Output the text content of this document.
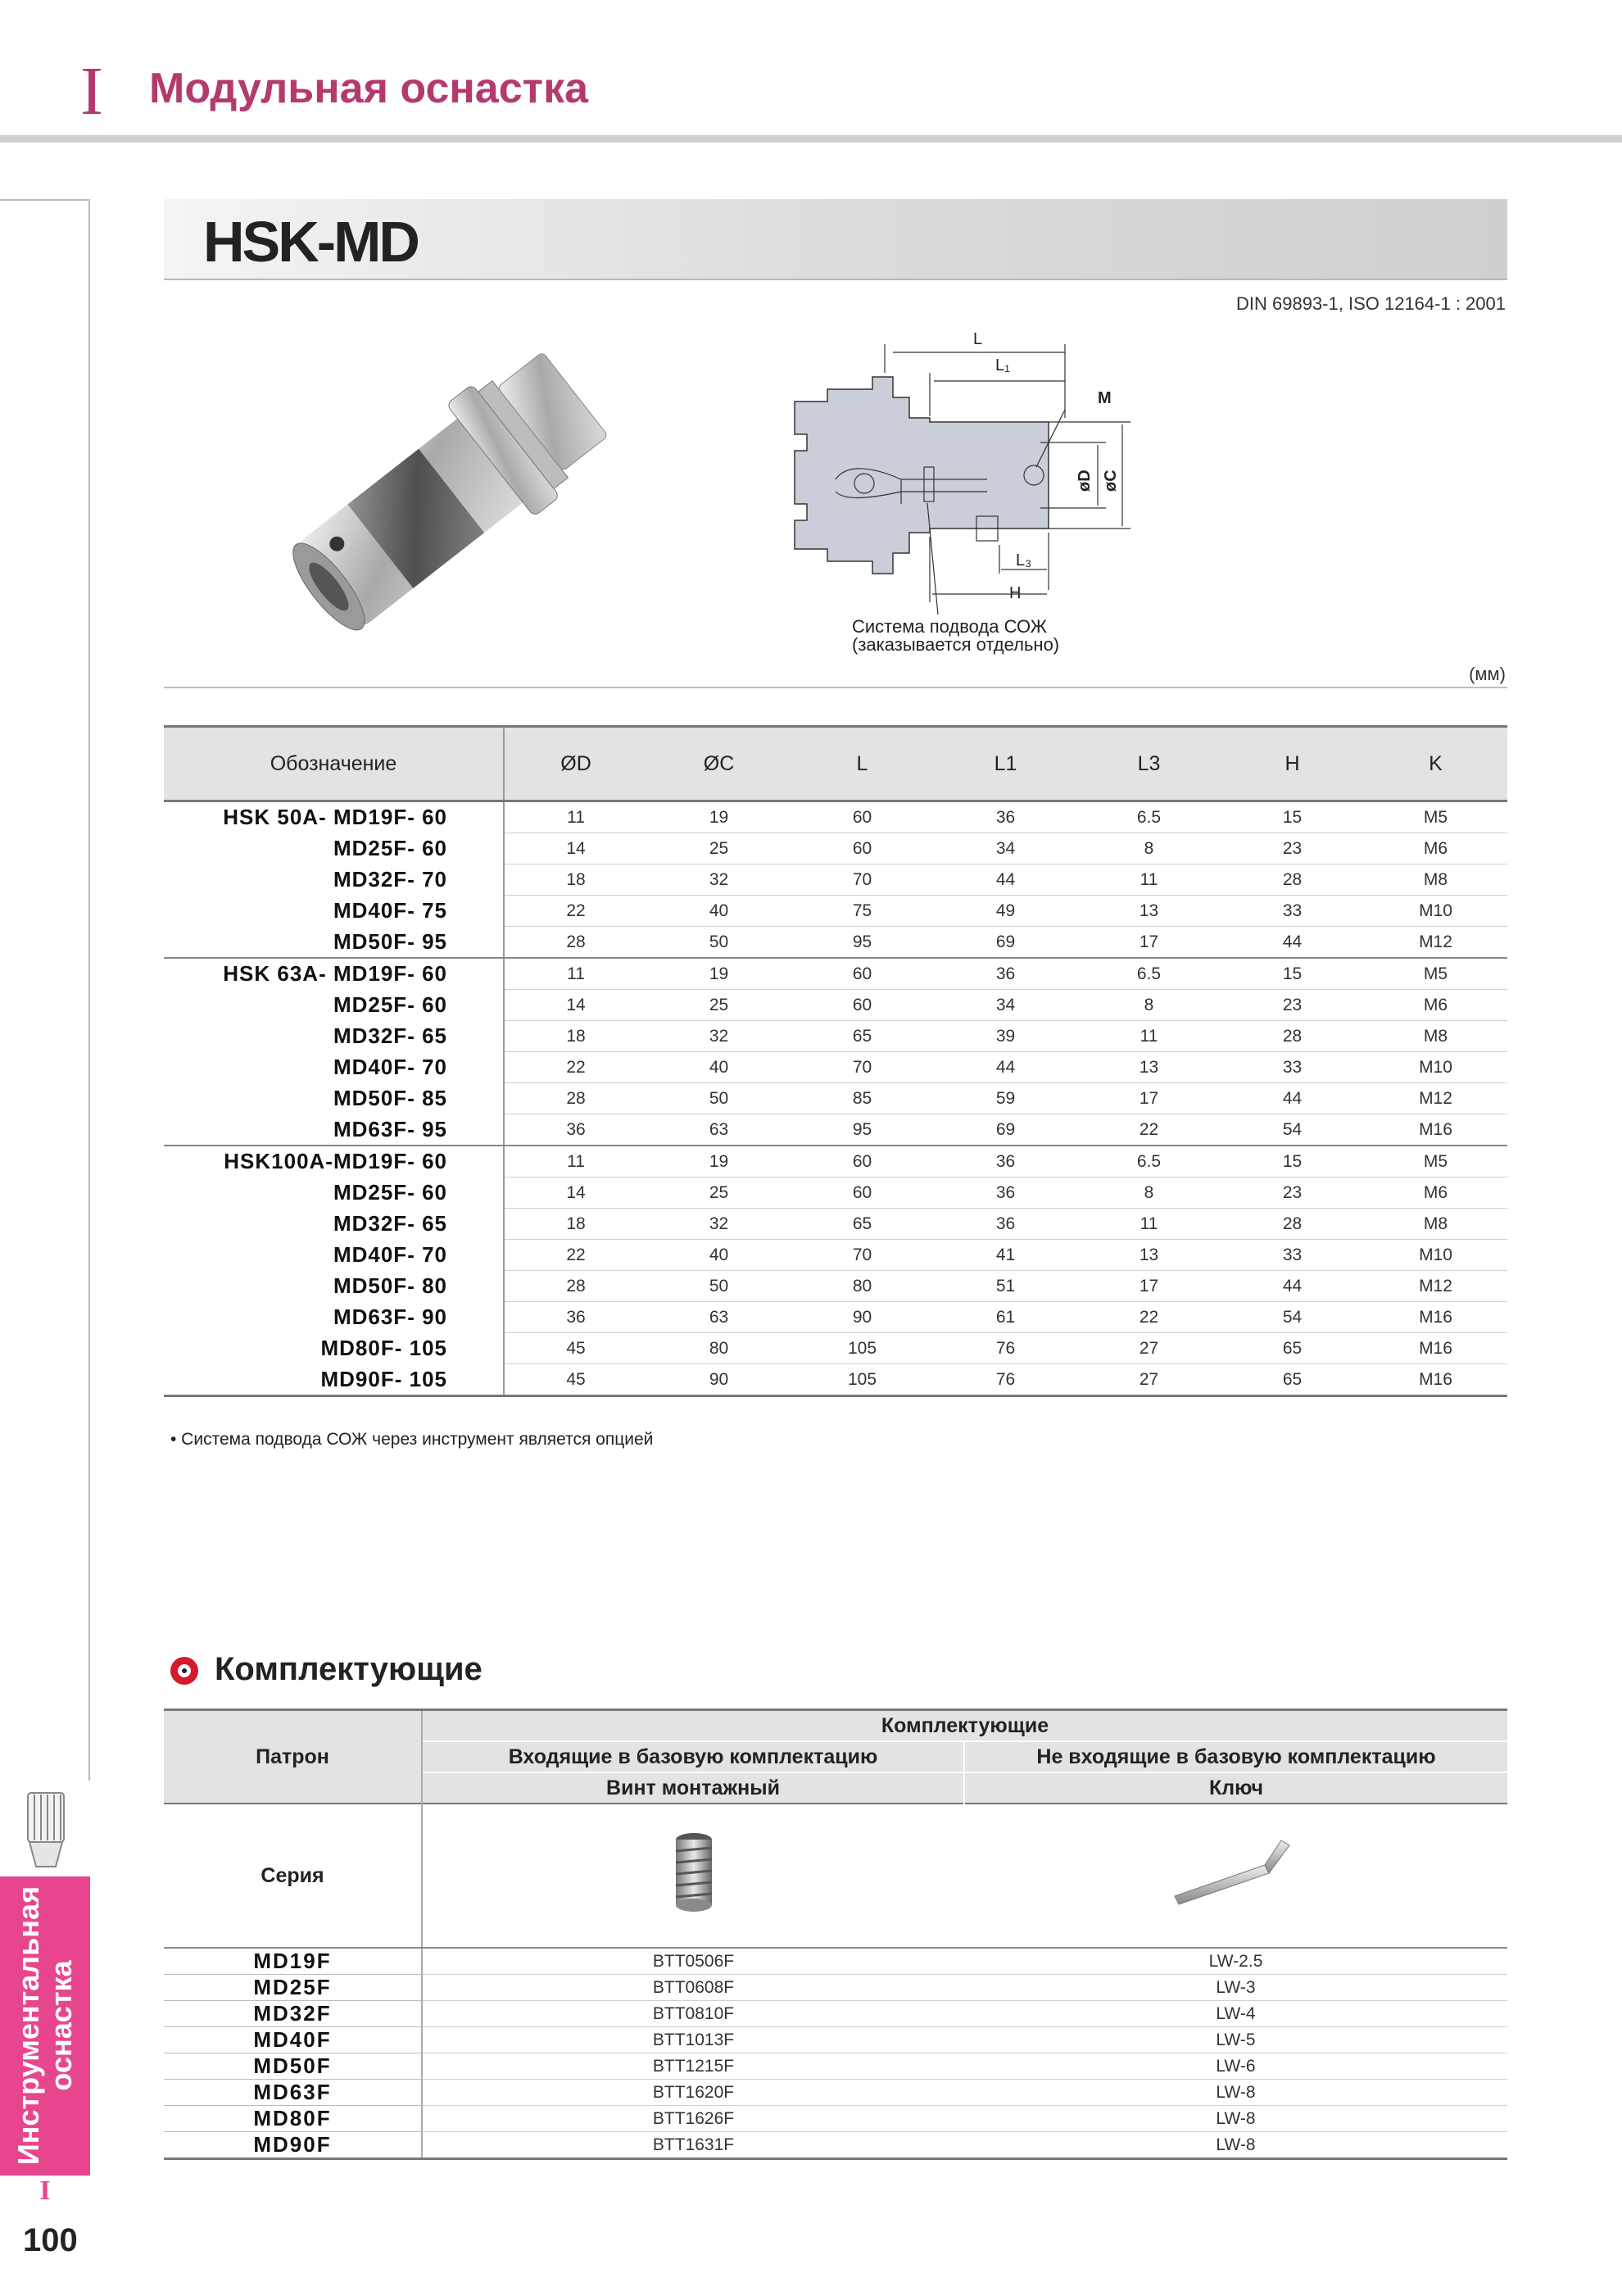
I Модульная оснастка
Инструментальная оснастка
I
100
HSK-MD
DIN 69893-1, ISO 12164-1 : 2001
L
L₁
M
øC
øD
L₃
H
Система подвода СОЖ
(заказывается отдельно)
(мм)
Обозначение	ØD	ØC	L	L1	L3	H	K
HSK 50A- MD19F- 60	11	19	60	36	6.5	15	M5
MD25F- 60	14	25	60	34	8	23	M6
MD32F- 70	18	32	70	44	11	28	M8
MD40F- 75	22	40	75	49	13	33	M10
MD50F- 95	28	50	95	69	17	44	M12
HSK 63A- MD19F- 60	11	19	60	36	6.5	15	M5
MD25F- 60	14	25	60	34	8	23	M6
MD32F- 65	18	32	65	39	11	28	M8
MD40F- 70	22	40	70	44	13	33	M10
MD50F- 85	28	50	85	59	17	44	M12
MD63F- 95	36	63	95	69	22	54	M16
HSK100A-MD19F- 60	11	19	60	36	6.5	15	M5
MD25F- 60	14	25	60	36	8	23	M6
MD32F- 65	18	32	65	36	11	28	M8
MD40F- 70	22	40	70	41	13	33	M10
MD50F- 80	28	50	80	51	17	44	M12
MD63F- 90	36	63	90	61	22	54	M16
MD80F- 105	45	80	105	76	27	65	M16
MD90F- 105	45	90	105	76	27	65	M16
• Система подвода СОЖ через инструмент является опцией
Комплектующие
Патрон	Комплектующие	
	Входящие в базовую комплектацию	Не входящие в базовую комплектацию
	Винт монтажный	Ключ
Серия		
MD19F	BTT0506F	LW-2.5
MD25F	BTT0608F	LW-3
MD32F	BTT0810F	LW-4
MD40F	BTT1013F	LW-5
MD50F	BTT1215F	LW-6
MD63F	BTT1620F	LW-8
MD80F	BTT1626F	LW-8
MD90F	BTT1631F	LW-8
